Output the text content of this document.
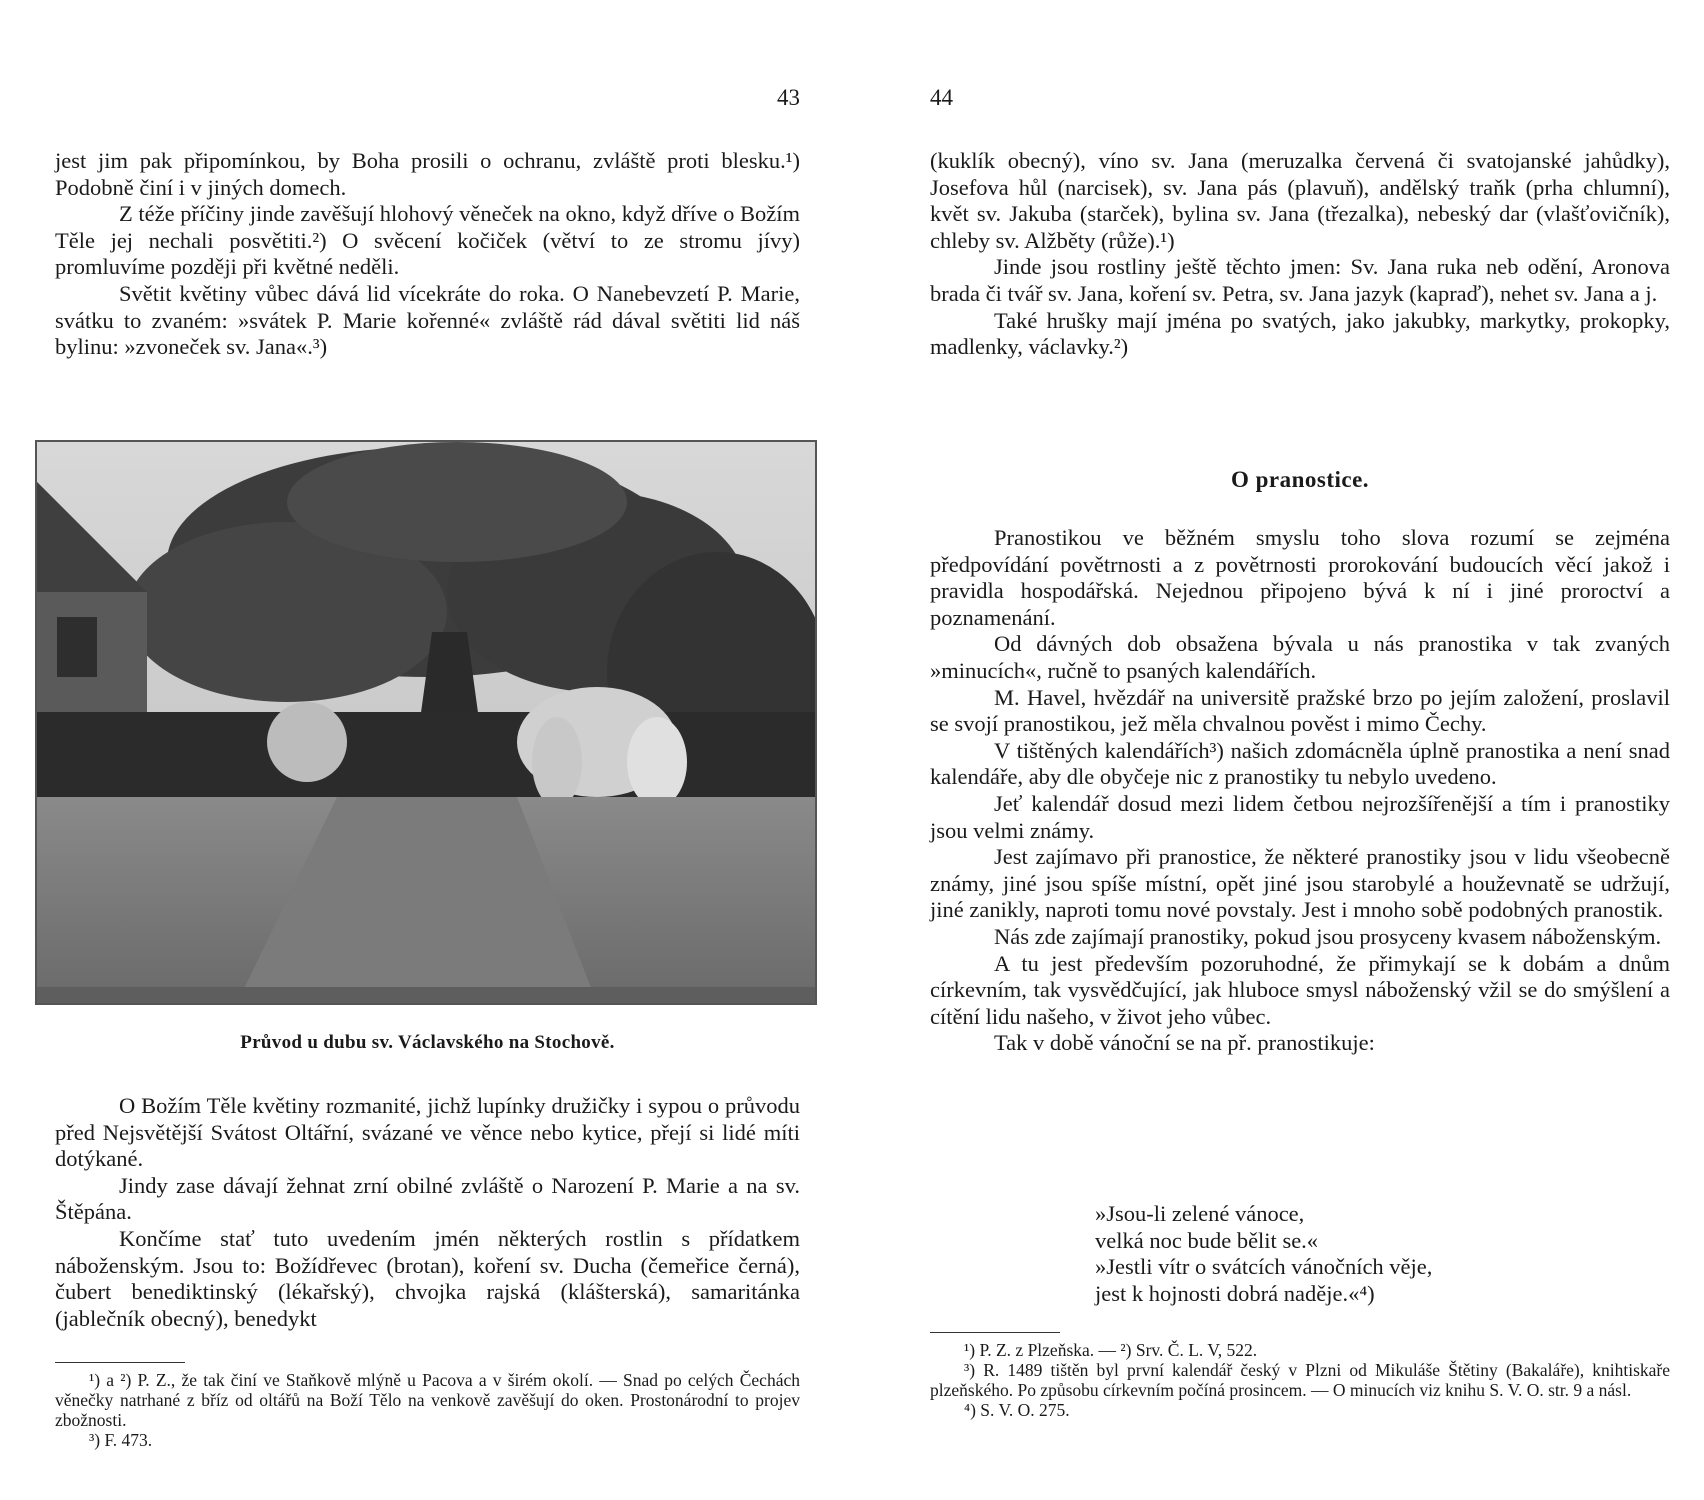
43

jest jim pak připomínkou, by Boha prosili o ochranu, zvláště proti blesku.¹) Podobně činí i v jiných domech.

Z téže příčiny jinde zavěšují hlohový věneček na okno, když dříve o Božím Těle jej nechali posvětiti.²) O svěcení kočiček (větví to ze stromu jívy) promluvíme později při květné neděli.

Světit květiny vůbec dává lid vícekráte do roka. O Nanebevzetí P. Marie, svátku to zvaném: »svátek P. Marie kořenné« zvláště rád dával světiti lid náš bylinu: »zvoneček sv. Jana«.³)

Průvod u dubu sv. Václavského na Stochově.

O Božím Těle květiny rozmanité, jichž lupínky družičky i sypou o průvodu před Nejsvětější Svátost Oltářní, svázané ve věnce nebo kytice, přejí si lidé míti dotýkané.

Jindy zase dávají žehnat zrní obilné zvláště o Narození P. Marie a na sv. Štěpána.

Končíme stať tuto uvedením jmén některých rostlin s přídatkem náboženským. Jsou to: Božídřevec (brotan), koření sv. Ducha (čemeřice černá), čubert benediktinský (lékařský), chvojka rajská (klášterská), samaritánka (jablečník obecný), benedykt

¹) a ²) P. Z., že tak činí ve Staňkově mlýně u Pacova a v širém okolí. — Snad po celých Čechách věnečky natrhané z bříz od oltářů na Boží Tělo na venkově zavěšují do oken. Prostonárodní to projev zbožnosti.

³) F. 473.

44

(kuklík obecný), víno sv. Jana (meruzalka červená či svatojanské jahůdky), Josefova hůl (narcisek), sv. Jana pás (plavuň), andělský traňk (prha chlumní), květ sv. Jakuba (starček), bylina sv. Jana (třezalka), nebeský dar (vlašťovičník), chleby sv. Alžběty (růže).¹)

Jinde jsou rostliny ještě těchto jmen: Sv. Jana ruka neb odění, Aronova brada či tvář sv. Jana, koření sv. Petra, sv. Jana jazyk (kapraď), nehet sv. Jana a j.

Také hrušky mají jména po svatých, jako jakubky, markytky, prokopky, madlenky, václavky.²)

O pranostice.

Pranostikou ve běžném smyslu toho slova rozumí se zejména předpovídání povětrnosti a z povětrnosti prorokování budoucích věcí jakož i pravidla hospodářská. Nejednou připojeno bývá k ní i jiné proroctví a poznamenání.

Od dávných dob obsažena bývala u nás pranostika v tak zvaných »minucích«, ručně to psaných kalendářích.

M. Havel, hvězdář na universitě pražské brzo po jejím založení, proslavil se svojí pranostikou, jež měla chvalnou pověst i mimo Čechy.

V tištěných kalendářích³) našich zdomácněla úplně pranostika a není snad kalendáře, aby dle obyčeje nic z pranostiky tu nebylo uvedeno.

Jeť kalendář dosud mezi lidem četbou nejrozšířenější a tím i pranostiky jsou velmi známy.

Jest zajímavo při pranostice, že některé pranostiky jsou v lidu všeobecně známy, jiné jsou spíše místní, opět jiné jsou starobylé a houževnatě se udržují, jiné zanikly, naproti tomu nové povstaly. Jest i mnoho sobě podobných pranostik.

Nás zde zajímají pranostiky, pokud jsou prosyceny kvasem náboženským.

A tu jest především pozoruhodné, že přimykají se k dobám a dnům církevním, tak vysvědčující, jak hluboce smysl náboženský vžil se do smýšlení a cítění lidu našeho, v život jeho vůbec.

Tak v době vánoční se na př. pranostikuje:

»Jsou-li zelené vánoce,
velká noc bude bělit se.«
»Jestli vítr o svátcích vánočních věje,
jest k hojnosti dobrá naděje.«⁴)

¹) P. Z. z Plzeňska. — ²) Srv. Č. L. V, 522.

³) R. 1489 tištěn byl první kalendář český v Plzni od Mikuláše Štětiny (Bakaláře), knihtiskaře plzeňského. Po způsobu církevním počíná prosincem. — O minucích viz knihu S. V. O. str. 9 a násl.

⁴) S. V. O. 275.
